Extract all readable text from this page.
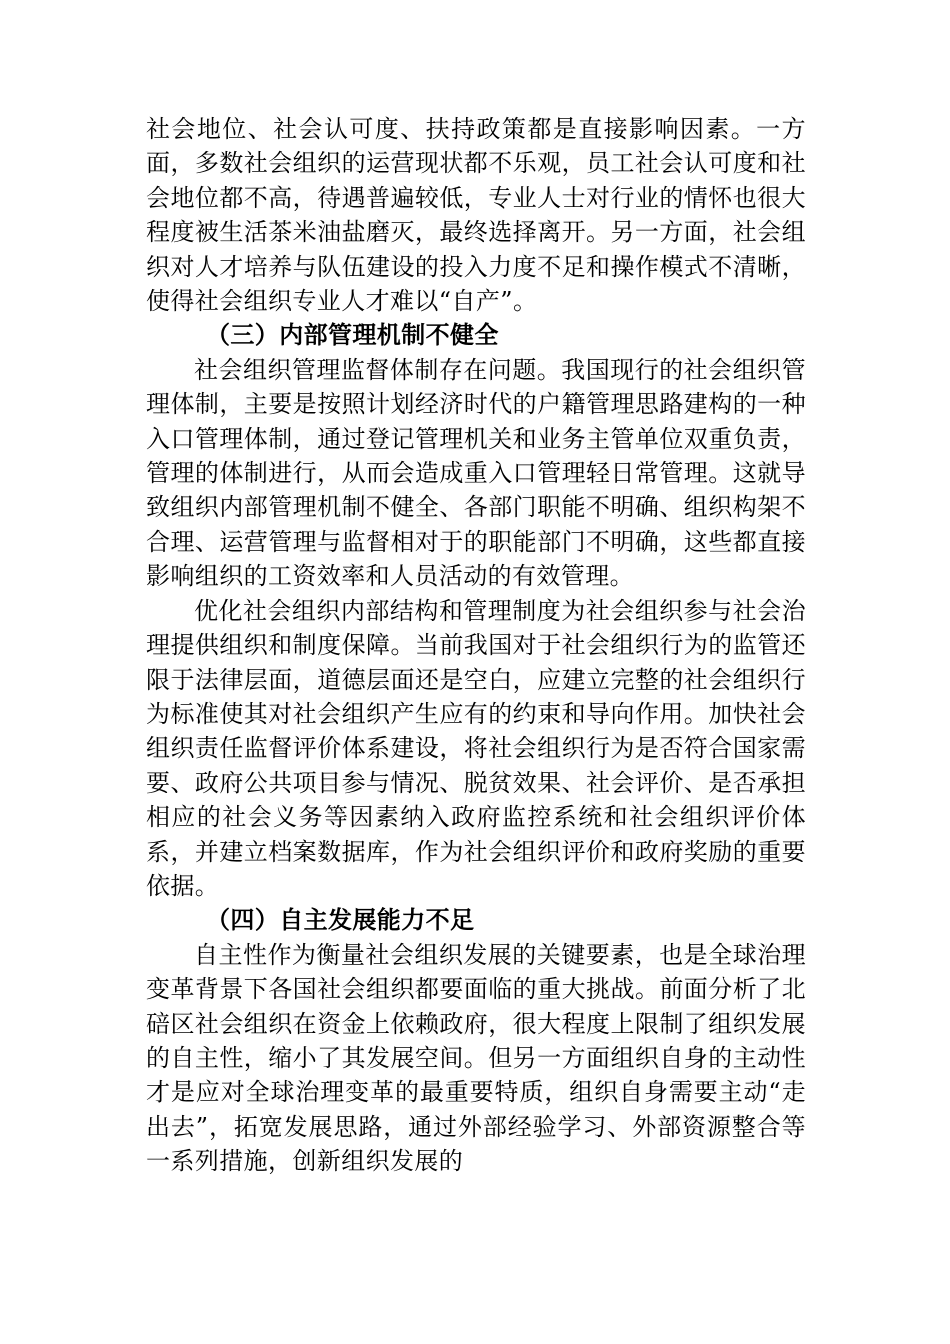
社会地位、社会认可度、扶持政策都是直接影响因素。一方面，多数社会组织的运营现状都不乐观，员工社会认可度和社会地位都不高，待遇普遍较低，专业人士对行业的情怀也很大程度被生活茶米油盐磨灭，最终选择离开。另一方面，社会组织对人才培养与队伍建设的投入力度不足和操作模式不清晰，使得社会组织专业人才难以“自产”。

（三）内部管理机制不健全

社会组织管理监督体制存在问题。我国现行的社会组织管理体制，主要是按照计划经济时代的户籍管理思路建构的一种入口管理体制，通过登记管理机关和业务主管单位双重负责，管理的体制进行，从而会造成重入口管理轻日常管理。这就导致组织内部管理机制不健全、各部门职能不明确、组织构架不合理、运营管理与监督相对于的职能部门不明确，这些都直接影响组织的工资效率和人员活动的有效管理。

优化社会组织内部结构和管理制度为社会组织参与社会治理提供组织和制度保障。当前我国对于社会组织行为的监管还限于法律层面，道德层面还是空白，应建立完整的社会组织行为标准使其对社会组织产生应有的约束和导向作用。加快社会组织责任监督评价体系建设，将社会组织行为是否符合国家需要、政府公共项目参与情况、脱贫效果、社会评价、是否承担相应的社会义务等因素纳入政府监控系统和社会组织评价体系，并建立档案数据库，作为社会组织评价和政府奖励的重要依据。

（四）自主发展能力不足

自主性作为衡量社会组织发展的关键要素，也是全球治理变革背景下各国社会组织都要面临的重大挑战。前面分析了北碚区社会组织在资金上依赖政府，很大程度上限制了组织发展的自主性，缩小了其发展空间。但另一方面组织自身的主动性才是应对全球治理变革的最重要特质，组织自身需要主动“走出去”，拓宽发展思路，通过外部经验学习、外部资源整合等一系列措施，创新组织发展的
